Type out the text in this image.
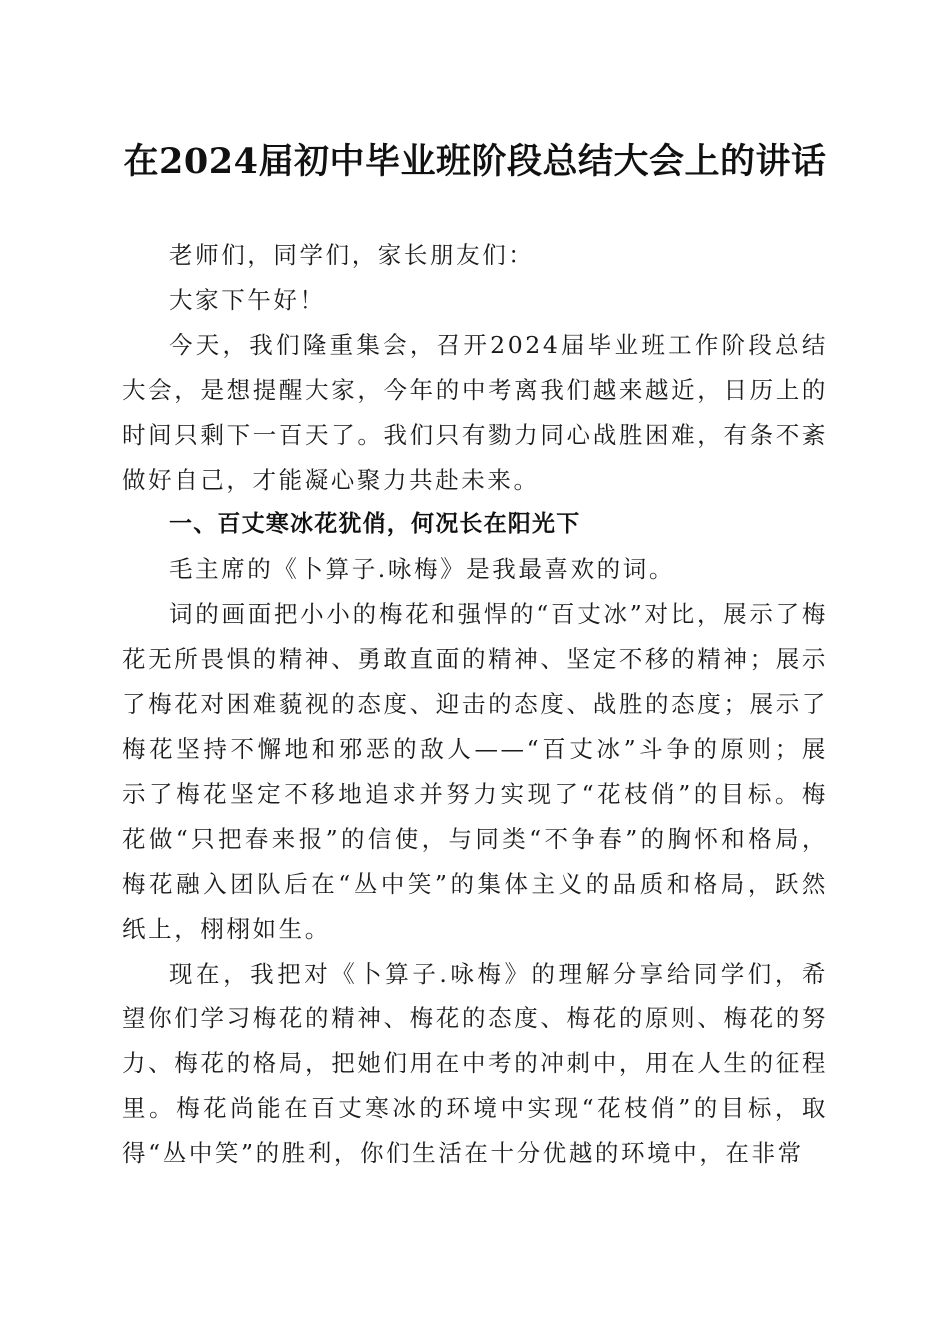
在2024届初中毕业班阶段总结大会上的讲话

老师们，同学们，家长朋友们：

大家下午好！

今天，我们隆重集会，召开2024届毕业班工作阶段总结大会，是想提醒大家，今年的中考离我们越来越近，日历上的时间只剩下一百天了。我们只有勠力同心战胜困难，有条不紊做好自己，才能凝心聚力共赴未来。

一、百丈寒冰花犹俏，何况长在阳光下

毛主席的《卜算子.咏梅》是我最喜欢的词。

词的画面把小小的梅花和强悍的“百丈冰”对比，展示了梅花无所畏惧的精神、勇敢直面的精神、坚定不移的精神；展示了梅花对困难藐视的态度、迎击的态度、战胜的态度；展示了梅花坚持不懈地和邪恶的敌人——“百丈冰”斗争的原则；展示了梅花坚定不移地追求并努力实现了“花枝俏”的目标。梅花做“只把春来报”的信使，与同类“不争春”的胸怀和格局，梅花融入团队后在“丛中笑”的集体主义的品质和格局，跃然纸上，栩栩如生。

现在，我把对《卜算子.咏梅》的理解分享给同学们，希望你们学习梅花的精神、梅花的态度、梅花的原则、梅花的努力、梅花的格局，把她们用在中考的冲刺中，用在人生的征程里。梅花尚能在百丈寒冰的环境中实现“花枝俏”的目标，取得“丛中笑”的胜利，你们生活在十分优越的环境中，在非常
